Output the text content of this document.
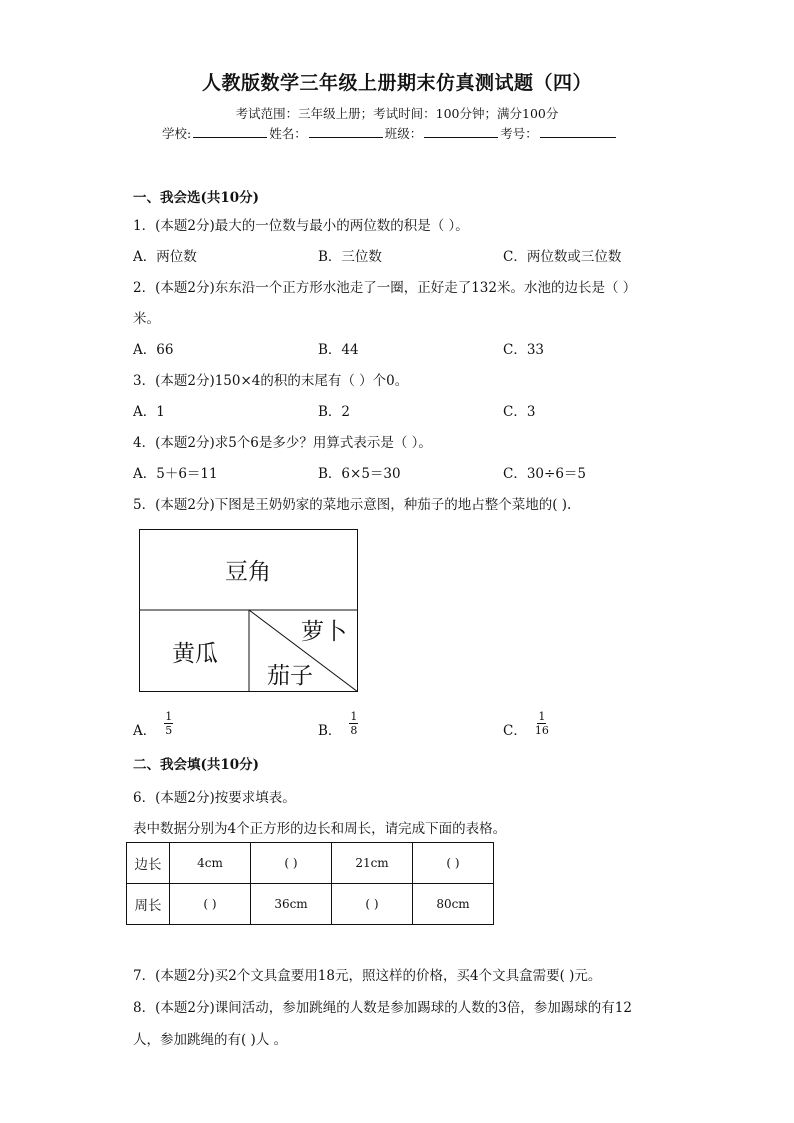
人教版数学三年级上册期末仿真测试题（四）
考试范围：三年级上册；考试时间：100分钟；满分100分
学校:	姓名：	班级：	考号：
一、我会选(共10分)
1．(本题2分)最大的一位数与最小的两位数的积是（ ）。
A．两位数	B．三位数	C．两位数或三位数
2．(本题2分)东东沿一个正方形水池走了一圈，正好走了132米。水池的边长是（ ）
米。
A．66	B．44	C．33
3．(本题2分)150×4的积的末尾有（ ）个0。
A．1	B．2	C．3
4．(本题2分)求5个6是多少？用算式表示是（ ）。
A．5＋6＝11	B．6×5＝30	C．30÷6＝5
5．(本题2分)下图是王奶奶家的菜地示意图，种茄子的地占整个菜地的( ).
豆角
黄瓜
萝卜
茄子
A． $\frac{1}{5}$	B． $\frac{1}{8}$	C． $\frac{1}{16}$
二、我会填(共10分)
6．(本题2分)按要求填表。
表中数据分别为4个正方形的边长和周长，请完成下面的表格。
边长	4cm	( )	21cm	( )
周长	( )	36cm	( )	80cm
7．(本题2分)买2个文具盒要用18元，照这样的价格，买4个文具盒需要( )元。
8．(本题2分)课间活动，参加跳绳的人数是参加踢球的人数的3倍，参加踢球的有12
人，参加跳绳的有( )人 。
